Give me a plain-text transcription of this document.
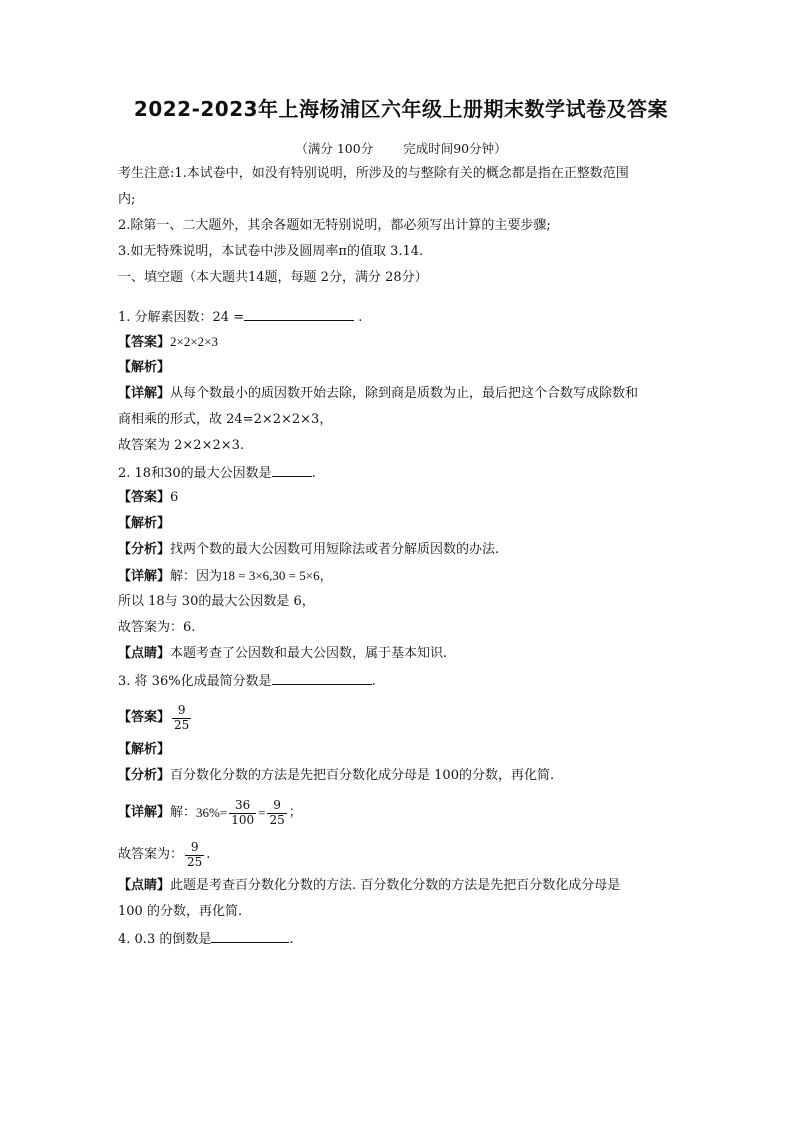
2022-2023年上海杨浦区六年级上册期末数学试卷及答案

（满分 100分 完成时间90分钟）

考生注意:1.本试卷中，如没有特别说明，所涉及的与整除有关的概念都是指在正整数范围

内;

2.除第一、二大题外，其余各题如无特别说明，都必须写出计算的主要步骤;

3.如无特殊说明，本试卷中涉及圆周率π的值取 3.14.

一、填空题（本大题共14题，每题 2分，满分 28分）

1. 分解素因数：24 =	.

【答案】2×2×2×3

【解析】

【详解】从每个数最小的质因数开始去除，除到商是质数为止，最后把这个合数写成除数和

商相乘的形式，故 24=2×2×2×3，

故答案为 2×2×2×3.

2. 18和30的最大公因数是	.

【答案】6

【解析】

【分析】找两个数的最大公因数可用短除法或者分解质因数的办法.

【详解】解：因为18 = 3×6,30 = 5×6，

所以 18与 30的最大公因数是 6，

故答案为：6.

【点睛】本题考查了公因数和最大公因数，属于基本知识.

3. 将 36%化成最简分数是	.

【答案】 $\frac{9}{25}$

【解析】

【分析】百分数化分数的方法是先把百分数化成分母是 100的分数，再化简.

【详解】 解： $36\%= \frac{36}{100} = \frac{9}{25}$ ；
故答案为： $\frac{9}{25}$ .

【点睛】此题是考查百分数化分数的方法. 百分数化分数的方法是先把百分数化成分母是

100 的分数，再化简.

4. 0.3 的倒数是	.
